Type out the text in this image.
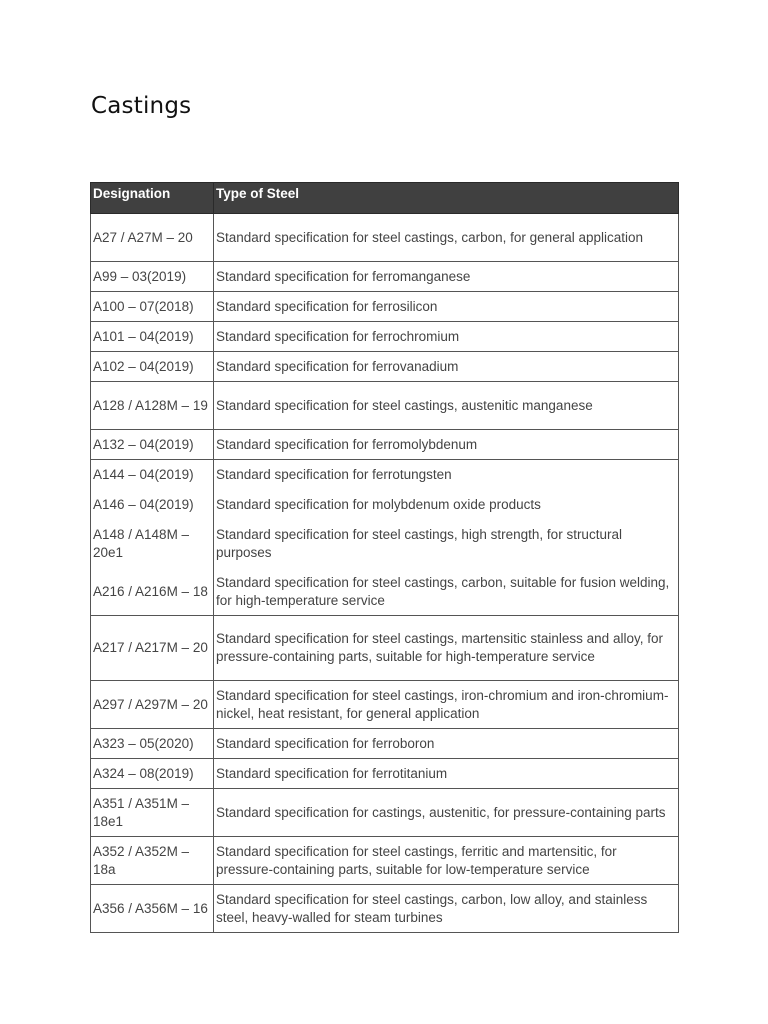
Castings
Designation	Type of Steel
A27 / A27M – 20	Standard specification for steel castings, carbon, for general application
A99 – 03(2019)	Standard specification for ferromanganese
A100 – 07(2018)	Standard specification for ferrosilicon
A101 – 04(2019)	Standard specification for ferrochromium
A102 – 04(2019)	Standard specification for ferrovanadium
A128 / A128M – 19	Standard specification for steel castings, austenitic manganese
A132 – 04(2019)	Standard specification for ferromolybdenum
A144 – 04(2019)	Standard specification for ferrotungsten
A146 – 04(2019)	Standard specification for molybdenum oxide products
A148 / A148M – 20e1	Standard specification for steel castings, high strength, for structural purposes
A216 / A216M – 18	Standard specification for steel castings, carbon, suitable for fusion welding, for high-temperature service
A217 / A217M – 20	Standard specification for steel castings, martensitic stainless and alloy, for pressure-containing parts, suitable for high-temperature service
A297 / A297M – 20	Standard specification for steel castings, iron-chromium and iron-chromium-nickel, heat resistant, for general application
A323 – 05(2020)	Standard specification for ferroboron
A324 – 08(2019)	Standard specification for ferrotitanium
A351 / A351M – 18e1	Standard specification for castings, austenitic, for pressure-containing parts
A352 / A352M – 18a	Standard specification for steel castings, ferritic and martensitic, for pressure-containing parts, suitable for low-temperature service
A356 / A356M – 16	Standard specification for steel castings, carbon, low alloy, and stainless steel, heavy-walled for steam turbines
